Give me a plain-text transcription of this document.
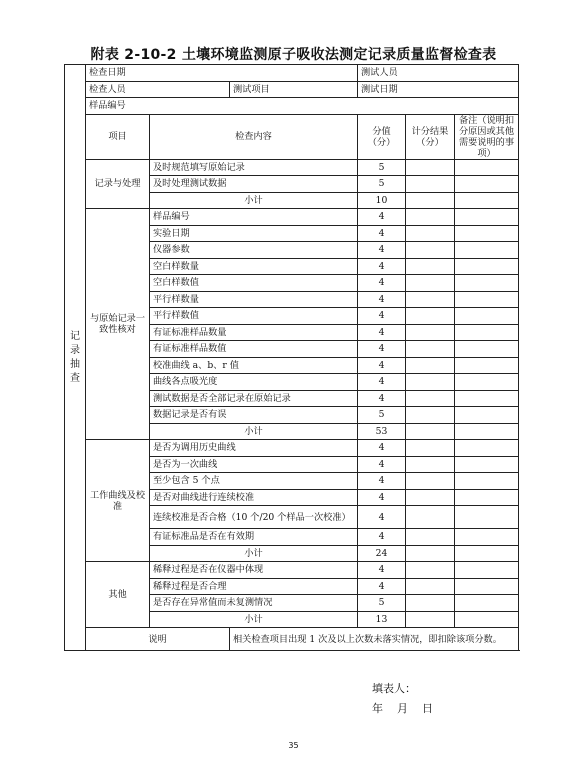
附表 2-10-2 土壤环境监测原子吸收法测定记录质量监督检查表
记录抽查	检查日期			测试人员		
	检查人员		测试项目	测试日期		
	样品编号					
	项目	检查内容		分值（分）	计分结果（分）	备注（说明扣分原因或其他需要说明的事项）
	记录与处理	及时规范填写原始记录		5		
		及时处理测试数据		5		
		小计		10		
	与原始记录一致性核对	样品编号		4		
		实验日期		4		
		仪器参数		4		
		空白样数量		4		
		空白样数值		4		
		平行样数量		4		
		平行样数值		4		
		有证标准样品数量		4		
		有证标准样品数值		4		
		校准曲线 a、b、r 值		4		
		曲线各点吸光度		4		
		测试数据是否全部记录在原始记录		4		
		数据记录是否有误		5		
		小计		53		
	工作曲线及校准	是否为调用历史曲线		4		
		是否为一次曲线		4		
		至少包含 5 个点		4		
		是否对曲线进行连续校准		4		
		连续校准是否合格（10 个/20 个样品一次校准）		4		
		有证标准品是否在有效期		4		
		小计		24		
	其他	稀释过程是否在仪器中体现		4		
		稀释过程是否合理		4		
		是否存在异常值而未复测情况		5		
		小计		13		
	说明		相关检查项目出现 1 次及以上次数未落实情况，即扣除该项分数。			
填表人：
年    月    日
35
